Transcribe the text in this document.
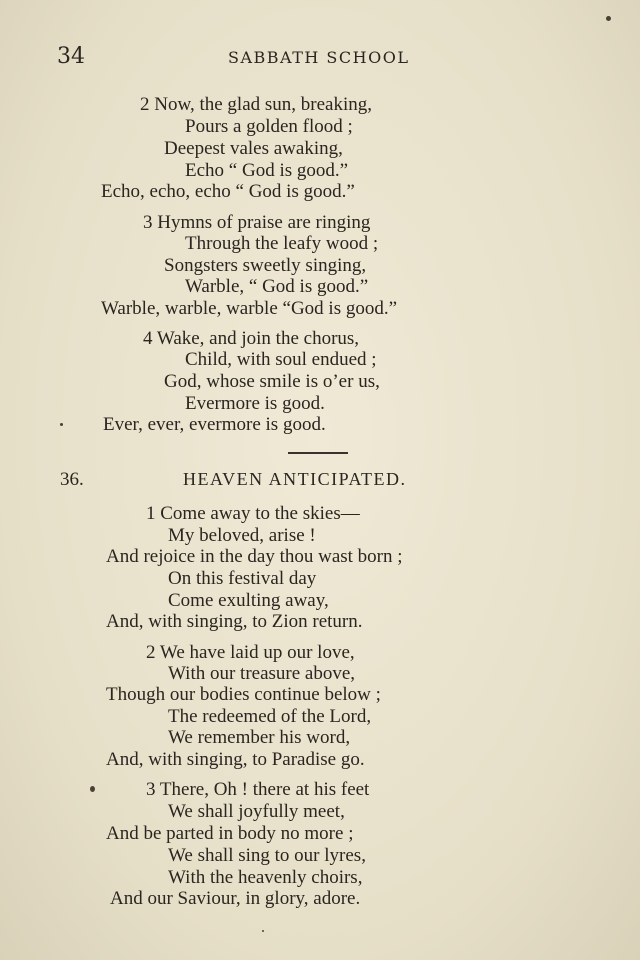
34	SABBATH SCHOOL
2 Now, the glad sun, breaking,
Pours a golden flood ;
Deepest vales awaking,
Echo “ God is good.”
Echo, echo, echo “ God is good.”
3 Hymns of praise are ringing
Through the leafy wood ;
Songsters sweetly singing,
Warble, “ God is good.”
Warble, warble, warble “God is good.”
4 Wake, and join the chorus,
Child, with soul endued ;
God, whose smile is o’er us,
Evermore is good.
Ever, ever, evermore is good.
36.	HEAVEN ANTICIPATED.
1 Come away to the skies—
My beloved, arise !
And rejoice in the day thou wast born ;
On this festival day
Come exulting away,
And, with singing, to Zion return.
2 We have laid up our love,
With our treasure above,
Though our bodies continue below ;
The redeemed of the Lord,
We remember his word,
And, with singing, to Paradise go.
3 There, Oh ! there at his feet
We shall joyfully meet,
And be parted in body no more ;
We shall sing to our lyres,
With the heavenly choirs,
And our Saviour, in glory, adore.
